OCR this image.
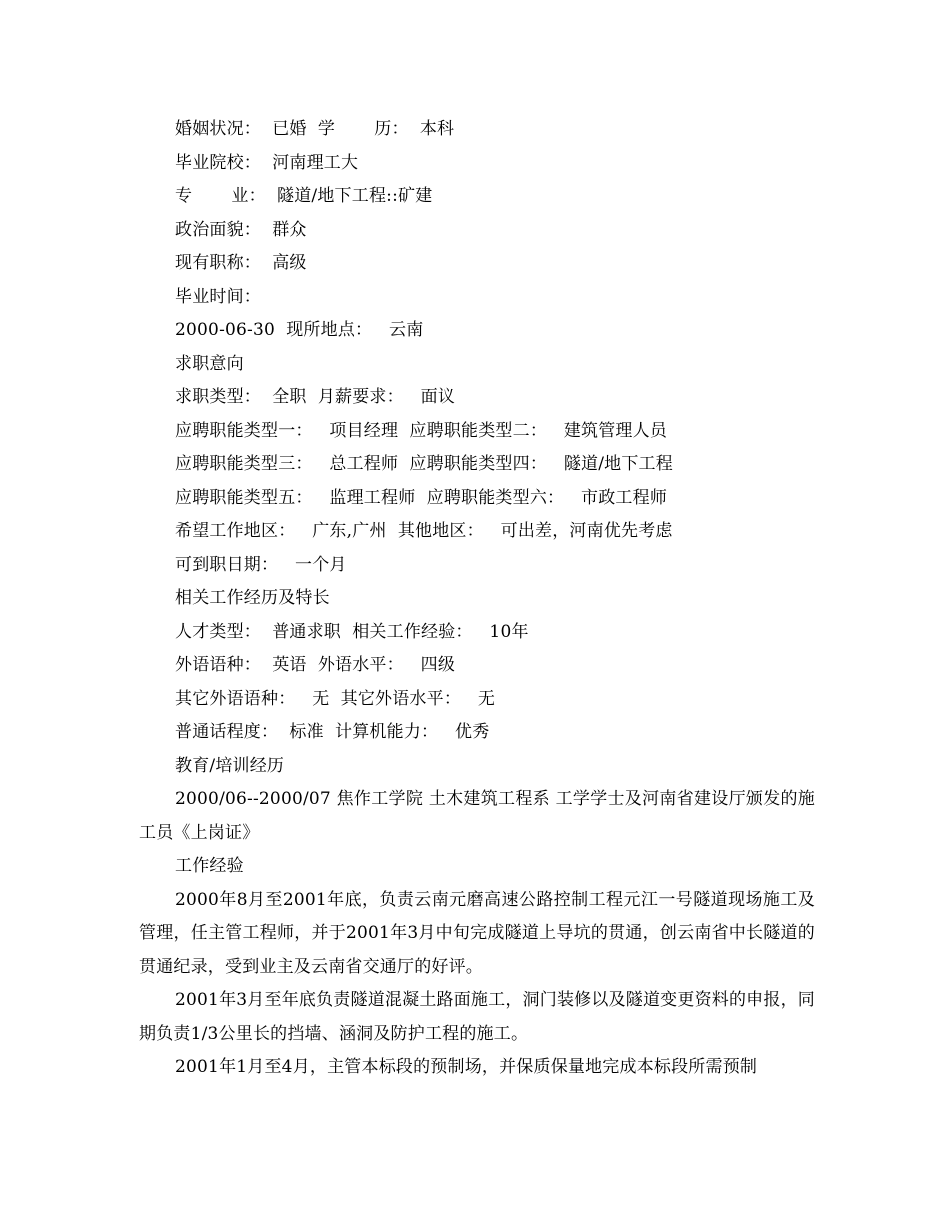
婚姻状况：  已婚  学       历：  本科
毕业院校：  河南理工大
专       业：  隧道/地下工程::矿建
政治面貌：  群众
现有职称：  高级
毕业时间：
2000-06-30  现所地点：   云南
求职意向
求职类型：  全职  月薪要求：   面议
应聘职能类型一：   项目经理  应聘职能类型二：   建筑管理人员
应聘职能类型三：   总工程师  应聘职能类型四：   隧道/地下工程
应聘职能类型五：   监理工程师  应聘职能类型六：   市政工程师
希望工作地区：   广东,广州  其他地区：   可出差，河南优先考虑
可到职日期：   一个月
相关工作经历及特长
人才类型：  普通求职  相关工作经验：   10年
外语语种：  英语  外语水平：   四级
其它外语语种：   无  其它外语水平：   无
普通话程度：  标准  计算机能力：   优秀
教育/培训经历

2000/06--2000/07 焦作工学院 土木建筑工程系 工学学士及河南省建设厅颁发的施工员《上岗证》

工作经验

2000年8月至2001年底，负责云南元磨高速公路控制工程元江一号隧道现场施工及管理，任主管工程师，并于2001年3月中旬完成隧道上导坑的贯通，创云南省中长隧道的贯通纪录，受到业主及云南省交通厅的好评。

2001年3月至年底负责隧道混凝土路面施工，洞门装修以及隧道变更资料的申报，同期负责1/3公里长的挡墙、涵洞及防护工程的施工。

2001年1月至4月，主管本标段的预制场，并保质保量地完成本标段所需预制
